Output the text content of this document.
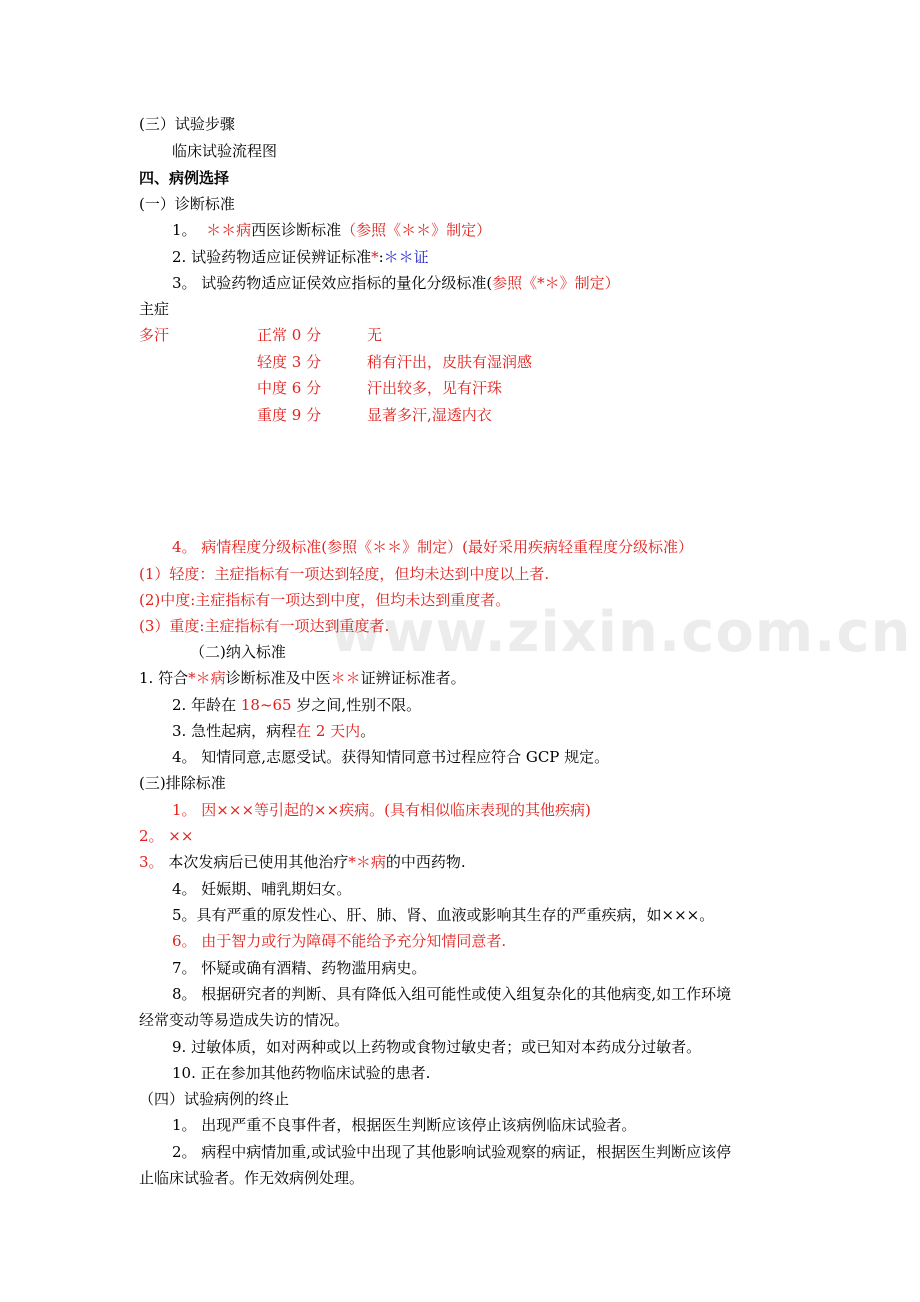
(三）试验步骤
临床试验流程图
四、病例选择
(一）诊断标准
1。 ＊＊病西医诊断标准（参照《＊＊》制定）
2. 试验药物适应证侯辨证标准*:＊＊证
3。 试验药物适应证侯效应指标的量化分级标准(参照《*＊》制定）
主症
多汗	正常 0 分	无
轻度 3 分	稍有汗出，皮肤有湿润感
中度 6 分	汗出较多，见有汗珠
重度 9 分	显著多汗,湿透内衣
4。 病情程度分级标准(参照《＊＊》制定）(最好采用疾病轻重程度分级标准）
(1）轻度：主症指标有一项达到轻度，但均未达到中度以上者.
(2)中度:主症指标有一项达到中度，但均未达到重度者。
(3）重度:主症指标有一项达到重度者.
（二)纳入标准
1. 符合*＊病诊断标准及中医＊＊证辨证标准者。
2. 年龄在 18~65 岁之间,性别不限。
3. 急性起病，病程在 2 天内。
4。 知情同意,志愿受试。获得知情同意书过程应符合 GCP 规定。
(三)排除标准
1。 因×××等引起的××疾病。(具有相似临床表现的其他疾病)
2。 ××
3。 本次发病后已使用其他治疗*＊病的中西药物.
4。 妊娠期、哺乳期妇女。
5。具有严重的原发性心、肝、肺、肾、血液或影响其生存的严重疾病，如×××。
6。 由于智力或行为障碍不能给予充分知情同意者.
7。 怀疑或确有酒精、药物滥用病史。
8。 根据研究者的判断、具有降低入组可能性或使入组复杂化的其他病变,如工作环境
经常变动等易造成失访的情况。
9. 过敏体质，如对两种或以上药物或食物过敏史者；或已知对本药成分过敏者。
10. 正在参加其他药物临床试验的患者.
（四）试验病例的终止
1。 出现严重不良事件者，根据医生判断应该停止该病例临床试验者。
2。 病程中病情加重,或试验中出现了其他影响试验观察的病证，根据医生判断应该停
止临床试验者。作无效病例处理。
www.zixin.com.cn
